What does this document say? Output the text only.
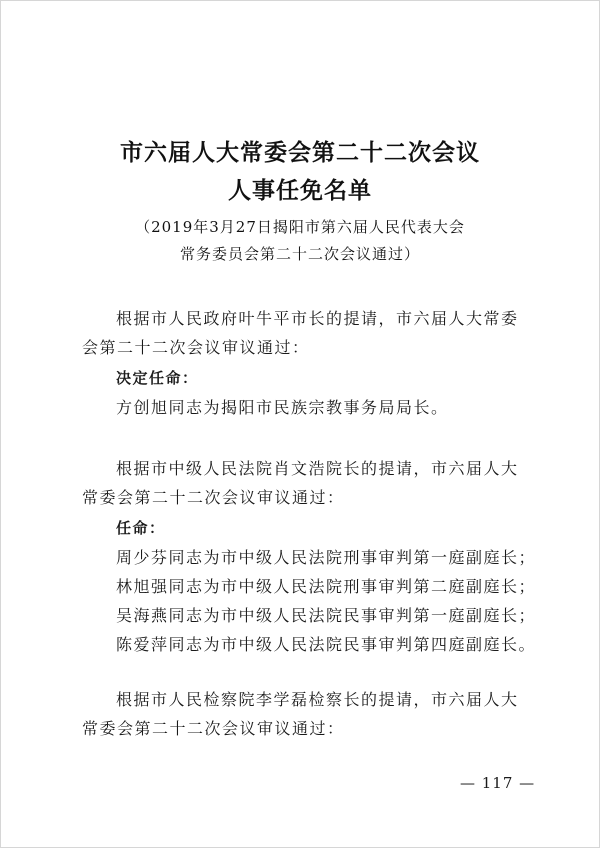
市六届人大常委会第二十二次会议
人事任免名单
（2019年3月27日揭阳市第六届人民代表大会
常务委员会第二十二次会议通过）
根据市人民政府叶牛平市长的提请，市六届人大常委会第二十二次会议审议通过：
决定任命：
方创旭同志为揭阳市民族宗教事务局局长。
根据市中级人民法院肖文浩院长的提请，市六届人大常委会第二十二次会议审议通过：
任命：
周少芬同志为市中级人民法院刑事审判第一庭副庭长；
林旭强同志为市中级人民法院刑事审判第二庭副庭长；
吴海燕同志为市中级人民法院民事审判第一庭副庭长；
陈爱萍同志为市中级人民法院民事审判第四庭副庭长。
根据市人民检察院李学磊检察长的提请，市六届人大常委会第二十二次会议审议通过：
— 117 —
